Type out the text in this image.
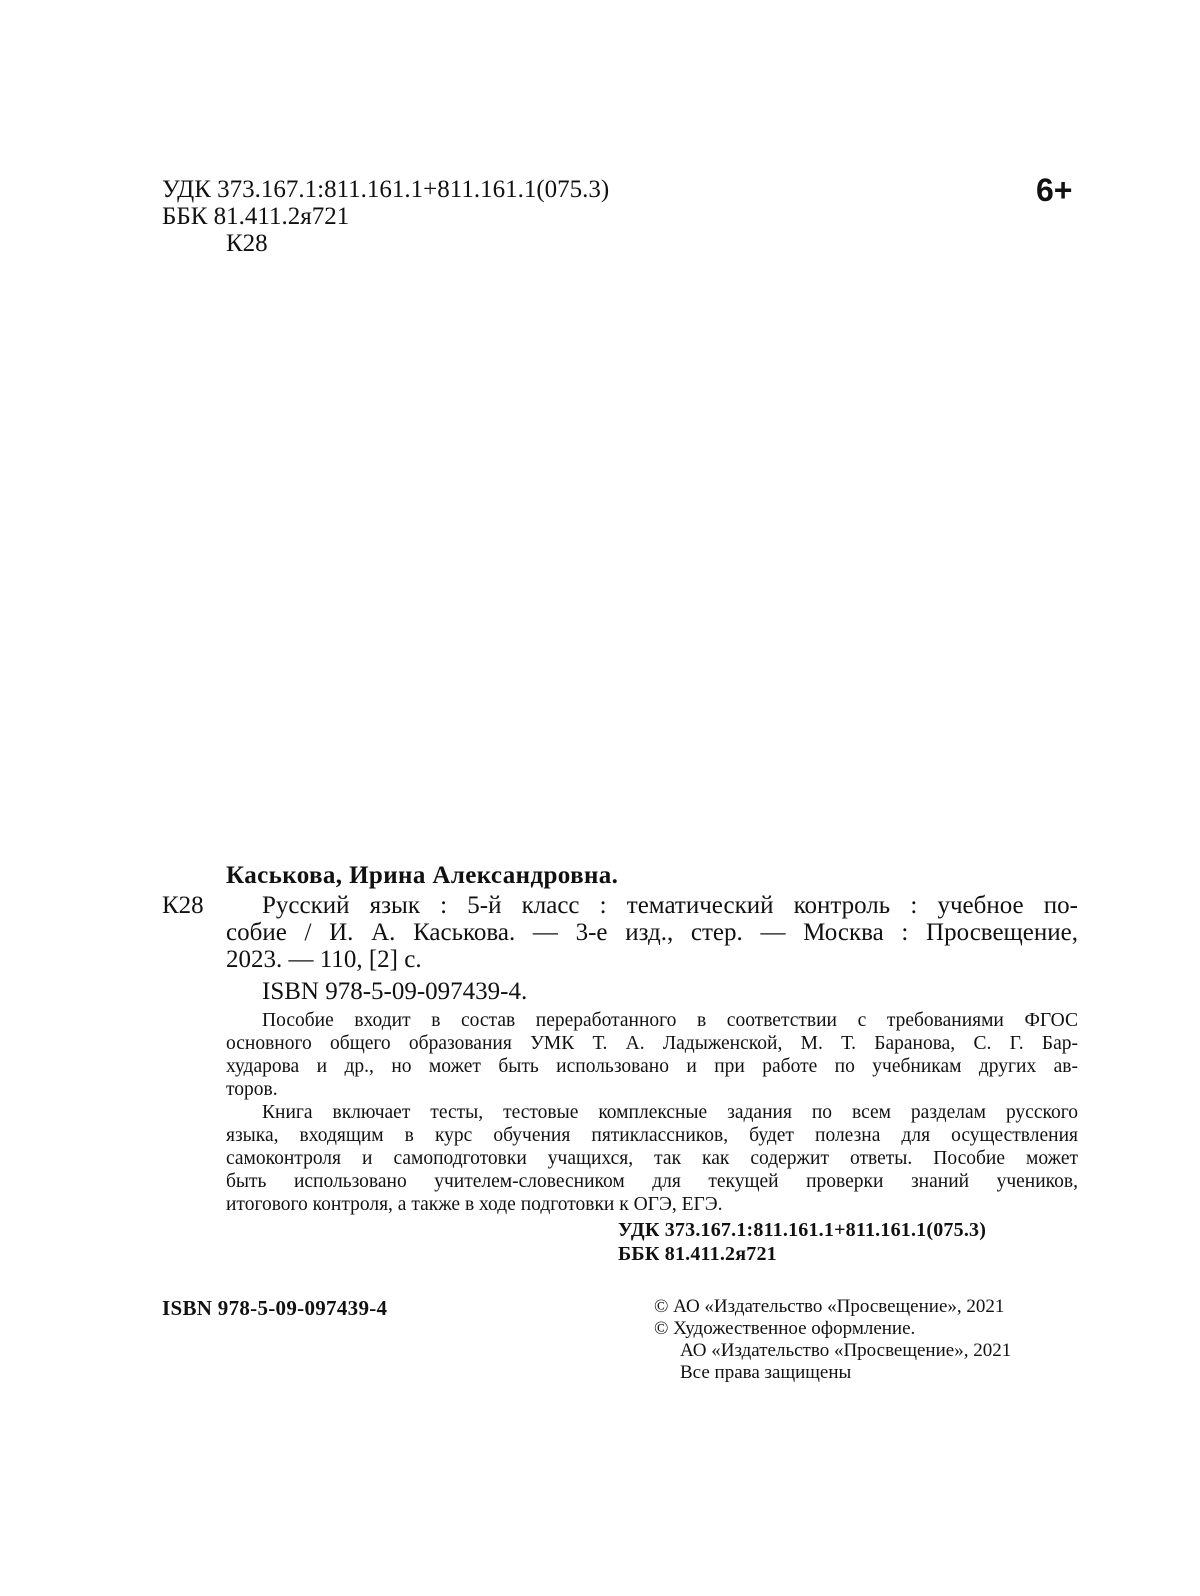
УДК 373.167.1:811.161.1+811.161.1(075.3)
ББК 81.411.2я721
К28
6+
Каськова, Ирина Александровна.
К28 Русский язык : 5-й класс : тематический контроль : учебное по-
собие / И. А. Каськова. — 3-е изд., стер. — Москва : Просвещение,
2023. — 110, [2] с.
ISBN 978-5-09-097439-4.
Пособие входит в состав переработанного в соответствии с требованиями ФГОС
основного общего образования УМК Т. А. Ладыженской, М. Т. Баранова, С. Г. Бар-
хударова и др., но может быть использовано и при работе по учебникам других ав-
торов.
Книга включает тесты, тестовые комплексные задания по всем разделам русского
языка, входящим в курс обучения пятиклассников, будет полезна для осуществления
самоконтроля и самоподготовки учащихся, так как содержит ответы. Пособие может
быть использовано учителем-словесником для текущей проверки знаний учеников,
итогового контроля, а также в ходе подготовки к ОГЭ, ЕГЭ.
УДК 373.167.1:811.161.1+811.161.1(075.3)
ББК 81.411.2я721
ISBN 978-5-09-097439-4	© АО «Издательство «Просвещение», 2021
© Художественное оформление.
АО «Издательство «Просвещение», 2021
Все права защищены
